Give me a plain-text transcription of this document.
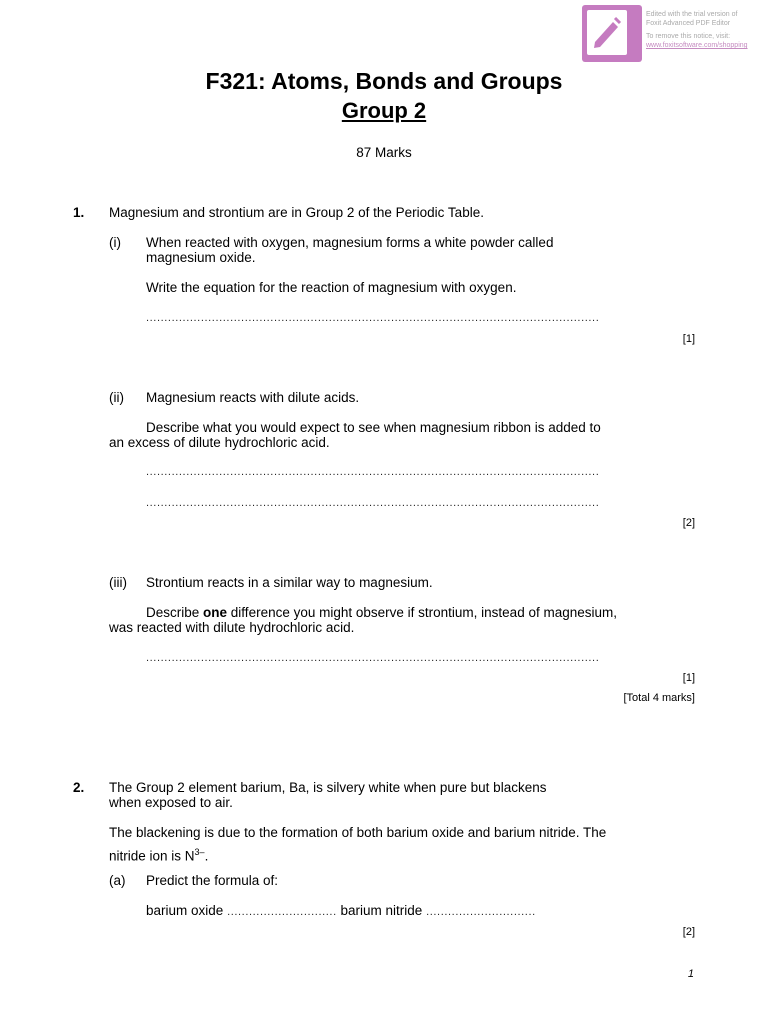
Edited with the trial version of
Foxit Advanced PDF Editor
To remove this notice, visit:
www.foxitsoftware.com/shopping
F321: Atoms, Bonds and Groups
Group 2
87 Marks
1. Magnesium and strontium are in Group 2 of the Periodic Table.
(i) When reacted with oxygen, magnesium forms a white powder called
magnesium oxide.
Write the equation for the reaction of magnesium with oxygen.
............................................................................................................................
[1]
(ii) Magnesium reacts with dilute acids.
Describe what you would expect to see when magnesium ribbon is added to
an excess of dilute hydrochloric acid.
............................................................................................................................
............................................................................................................................
[2]
(iii) Strontium reacts in a similar way to magnesium.
Describe one difference you might observe if strontium, instead of magnesium,
was reacted with dilute hydrochloric acid.
............................................................................................................................
[1]
[Total 4 marks]
2. The Group 2 element barium, Ba, is silvery white when pure but blackens
when exposed to air.
The blackening is due to the formation of both barium oxide and barium nitride. The
nitride ion is $N^{3-}$.
(a) Predict the formula of:
barium oxide .............................. barium nitride ..............................
[2]
1
